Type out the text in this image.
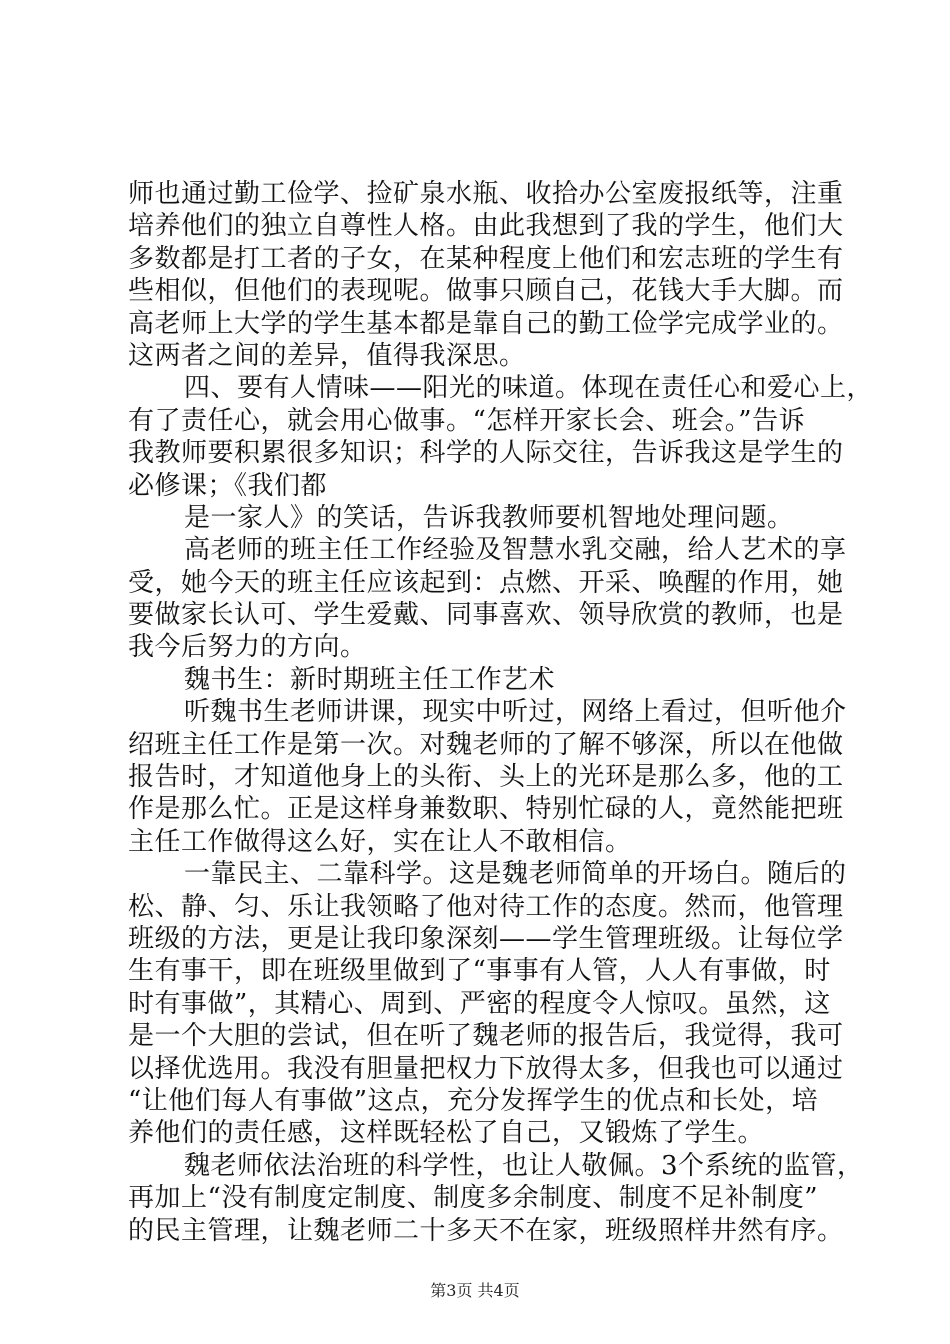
师也通过勤工俭学、捡矿泉水瓶、收拾办公室废报纸等，注重
培养他们的独立自尊性人格。由此我想到了我的学生，他们大
多数都是打工者的子女，在某种程度上他们和宏志班的学生有
些相似，但他们的表现呢。做事只顾自己，花钱大手大脚。而
高老师上大学的学生基本都是靠自己的勤工俭学完成学业的。
这两者之间的差异，值得我深思。
四、要有人情味——阳光的味道。体现在责任心和爱心上，
有了责任心，就会用心做事。“怎样开家长会、班会。”告诉
我教师要积累很多知识；科学的人际交往，告诉我这是学生的
必修课；《我们都
是一家人》的笑话，告诉我教师要机智地处理问题。
高老师的班主任工作经验及智慧水乳交融，给人艺术的享
受，她今天的班主任应该起到：点燃、开采、唤醒的作用，她
要做家长认可、学生爱戴、同事喜欢、领导欣赏的教师，也是
我今后努力的方向。
魏书生：新时期班主任工作艺术
听魏书生老师讲课，现实中听过，网络上看过，但听他介
绍班主任工作是第一次。对魏老师的了解不够深，所以在他做
报告时，才知道他身上的头衔、头上的光环是那么多，他的工
作是那么忙。正是这样身兼数职、特别忙碌的人，竟然能把班
主任工作做得这么好，实在让人不敢相信。
一靠民主、二靠科学。这是魏老师简单的开场白。随后的
松、静、匀、乐让我领略了他对待工作的态度。然而，他管理
班级的方法，更是让我印象深刻——学生管理班级。让每位学
生有事干，即在班级里做到了“事事有人管，人人有事做，时
时有事做”，其精心、周到、严密的程度令人惊叹。虽然，这
是一个大胆的尝试，但在听了魏老师的报告后，我觉得，我可
以择优选用。我没有胆量把权力下放得太多，但我也可以通过
“让他们每人有事做”这点，充分发挥学生的优点和长处，培
养他们的责任感，这样既轻松了自己，又锻炼了学生。
魏老师依法治班的科学性，也让人敬佩。3个系统的监管，
再加上“没有制度定制度、制度多余制度、制度不足补制度”
的民主管理，让魏老师二十多天不在家，班级照样井然有序。
第3页 共4页
